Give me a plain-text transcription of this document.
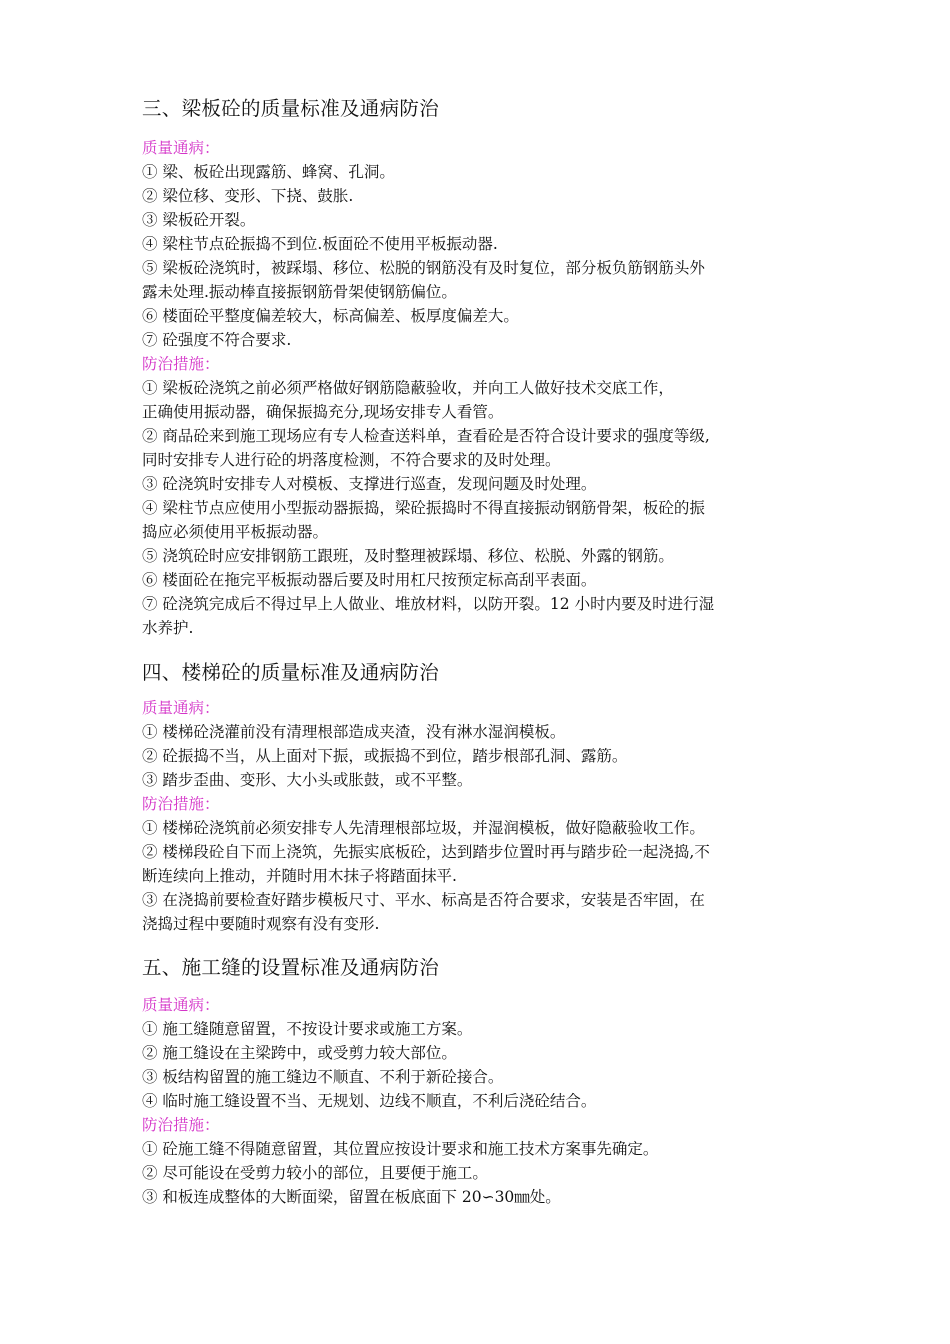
三、梁板砼的质量标准及通病防治
质量通病：
① 梁、板砼出现露筋、蜂窝、孔洞。
② 梁位移、变形、下挠、鼓胀.
③ 梁板砼开裂。
④ 梁柱节点砼振捣不到位.板面砼不使用平板振动器.
⑤ 梁板砼浇筑时，被踩塌、移位、松脱的钢筋没有及时复位，部分板负筋钢筋头外
露未处理.振动棒直接振钢筋骨架使钢筋偏位。
⑥ 楼面砼平整度偏差较大，标高偏差、板厚度偏差大。
⑦ 砼强度不符合要求.
防治措施：
① 梁板砼浇筑之前必须严格做好钢筋隐蔽验收，并向工人做好技术交底工作，
正确使用振动器，确保振捣充分,现场安排专人看管。
② 商品砼来到施工现场应有专人检查送料单，查看砼是否符合设计要求的强度等级,
同时安排专人进行砼的坍落度检测，不符合要求的及时处理。
③ 砼浇筑时安排专人对模板、支撑进行巡查，发现问题及时处理。
④ 梁柱节点应使用小型振动器振捣，梁砼振捣时不得直接振动钢筋骨架，板砼的振
捣应必须使用平板振动器。
⑤ 浇筑砼时应安排钢筋工跟班，及时整理被踩塌、移位、松脱、外露的钢筋。
⑥ 楼面砼在拖完平板振动器后要及时用杠尺按预定标高刮平表面。
⑦ 砼浇筑完成后不得过早上人做业、堆放材料，以防开裂。12 小时内要及时进行湿
水养护.
四、楼梯砼的质量标准及通病防治
质量通病：
① 楼梯砼浇灌前没有清理根部造成夹渣，没有淋水湿润模板。
② 砼振捣不当，从上面对下振，或振捣不到位，踏步根部孔洞、露筋。
③ 踏步歪曲、变形、大小头或胀鼓，或不平整。
防治措施：
① 楼梯砼浇筑前必须安排专人先清理根部垃圾，并湿润模板，做好隐蔽验收工作。
② 楼梯段砼自下而上浇筑，先振实底板砼，达到踏步位置时再与踏步砼一起浇捣,不
断连续向上推动，并随时用木抹子将踏面抹平.
③ 在浇捣前要检查好踏步模板尺寸、平水、标高是否符合要求，安装是否牢固，在
浇捣过程中要随时观察有没有变形.
五、施工缝的设置标准及通病防治
质量通病：
① 施工缝随意留置，不按设计要求或施工方案。
② 施工缝设在主梁跨中，或受剪力较大部位。
③ 板结构留置的施工缝边不顺直、不利于新砼接合。
④ 临时施工缝设置不当、无规划、边线不顺直，不利后浇砼结合。
防治措施：
① 砼施工缝不得随意留置，其位置应按设计要求和施工技术方案事先确定。
② 尽可能设在受剪力较小的部位，且要便于施工。
③ 和板连成整体的大断面梁，留置在板底面下 20∽30㎜处。
